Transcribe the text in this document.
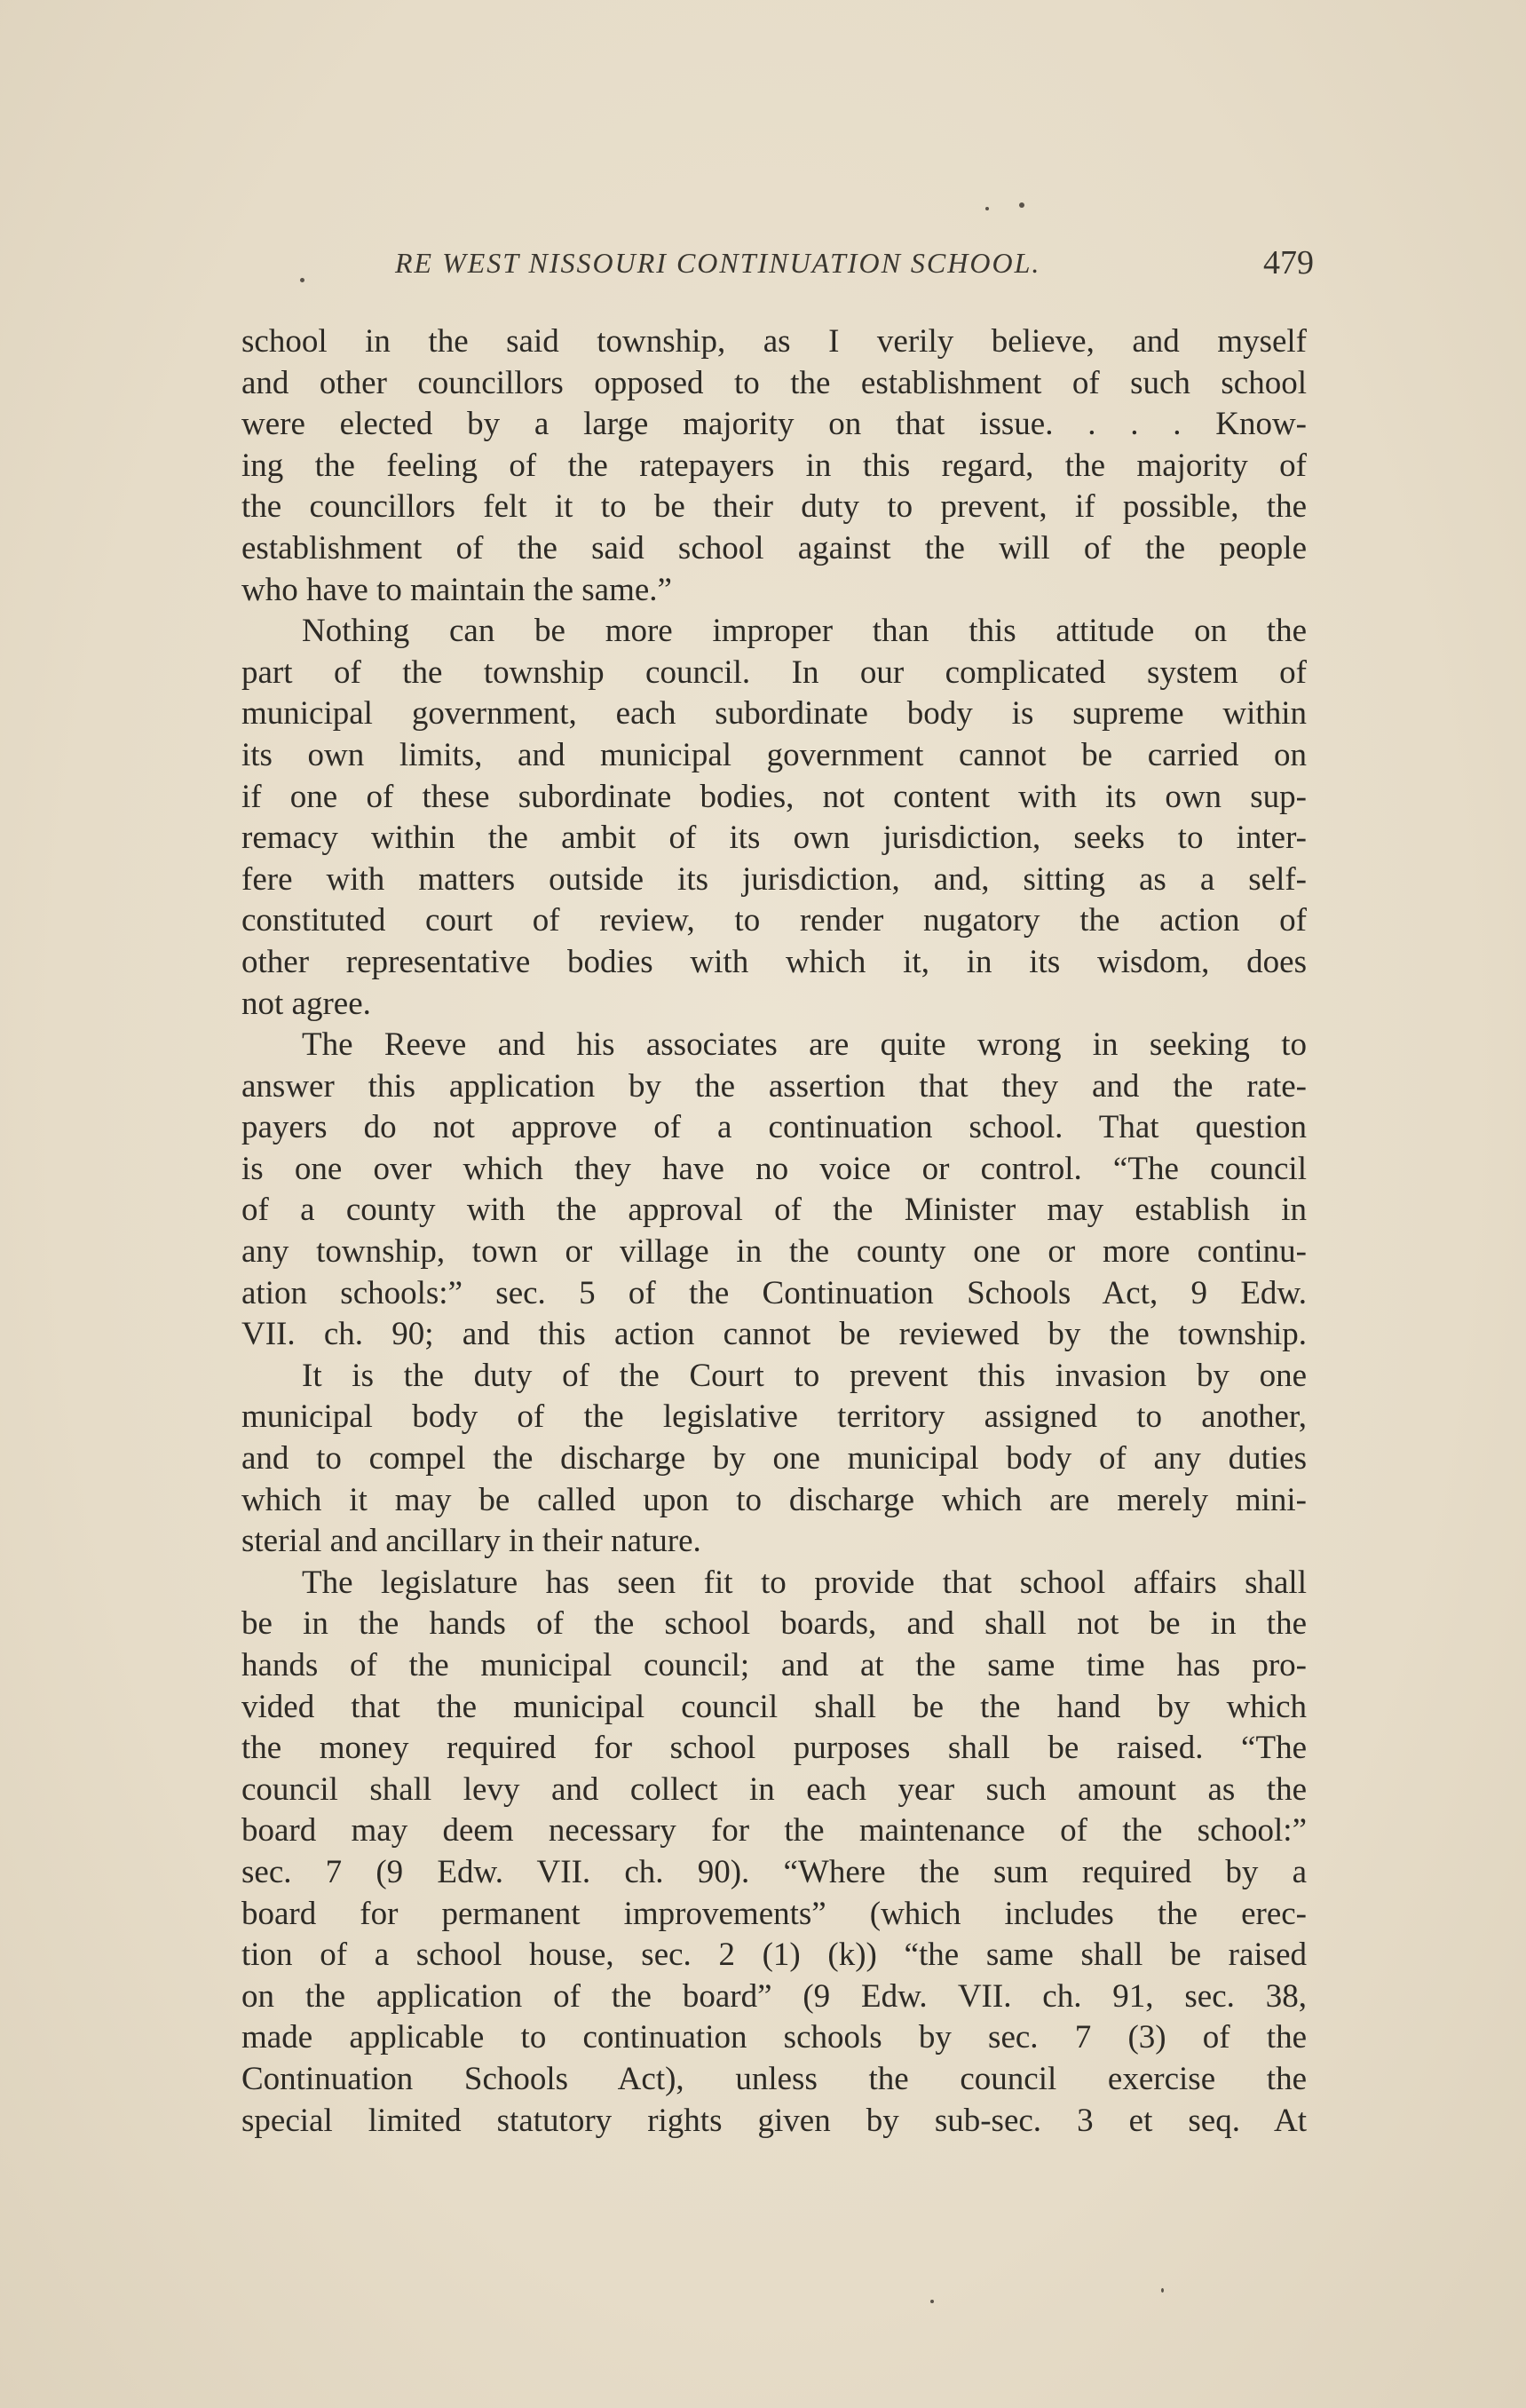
RE WEST NISSOURI CONTINUATION SCHOOL.	479
school in the said township, as I verily believe, and myself
and other councillors opposed to the establishment of such school
were elected by a large majority on that issue. . . . Know-
ing the feeling of the ratepayers in this regard, the majority of
the councillors felt it to be their duty to prevent, if possible, the
establishment of the said school against the will of the people
who have to maintain the same.”
Nothing can be more improper than this attitude on the
part of the township council. In our complicated system of
municipal government, each subordinate body is supreme within
its own limits, and municipal government cannot be carried on
if one of these subordinate bodies, not content with its own sup-
remacy within the ambit of its own jurisdiction, seeks to inter-
fere with matters outside its jurisdiction, and, sitting as a self-
constituted court of review, to render nugatory the action of
other representative bodies with which it, in its wisdom, does
not agree.
The Reeve and his associates are quite wrong in seeking to
answer this application by the assertion that they and the rate-
payers do not approve of a continuation school. That question
is one over which they have no voice or control. “The council
of a county with the approval of the Minister may establish in
any township, town or village in the county one or more continu-
ation schools:” sec. 5 of the Continuation Schools Act, 9 Edw.
VII. ch. 90; and this action cannot be reviewed by the township.
It is the duty of the Court to prevent this invasion by one
municipal body of the legislative territory assigned to another,
and to compel the discharge by one municipal body of any duties
which it may be called upon to discharge which are merely mini-
sterial and ancillary in their nature.
The legislature has seen fit to provide that school affairs shall
be in the hands of the school boards, and shall not be in the
hands of the municipal council; and at the same time has pro-
vided that the municipal council shall be the hand by which
the money required for school purposes shall be raised. “The
council shall levy and collect in each year such amount as the
board may deem necessary for the maintenance of the school:”
sec. 7 (9 Edw. VII. ch. 90). “Where the sum required by a
board for permanent improvements” (which includes the erec-
tion of a school house, sec. 2 (1) (k)) “the same shall be raised
on the application of the board” (9 Edw. VII. ch. 91, sec. 38,
made applicable to continuation schools by sec. 7 (3) of the
Continuation Schools Act), unless the council exercise the
special limited statutory rights given by sub-sec. 3 et seq. At
